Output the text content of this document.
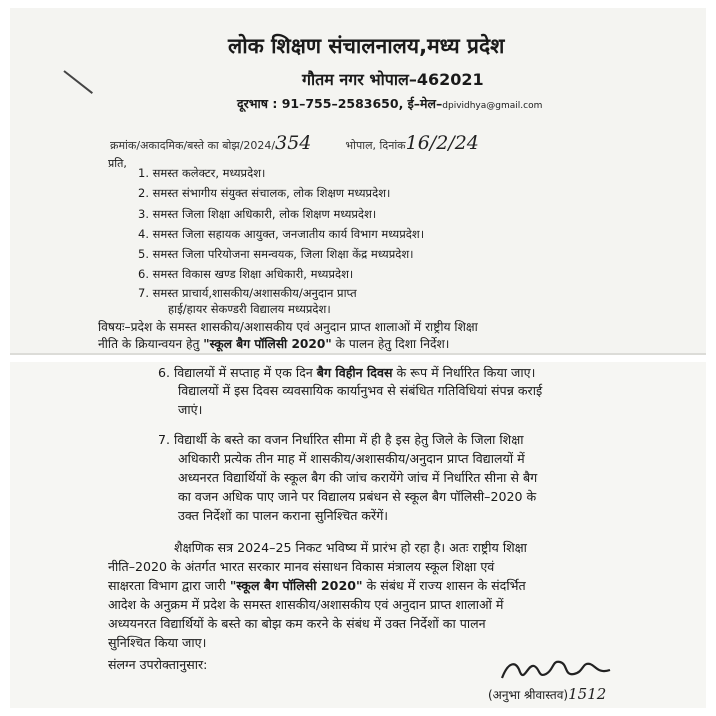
लोक शिक्षण संचालनालय,मध्य प्रदेश
गौतम नगर भोपाल–462021
दूरभाष : 91–755–2583650, ई–मेल–dpividhya@gmail.com
क्रमांक/अकादमिक/बस्ते का बोझ/2024/354	भोपाल, दिनांक16/2/24
प्रति,
1. समस्त कलेक्टर, मध्यप्रदेश।
2. समस्त संभागीय संयुक्त संचालक, लोक शिक्षण मध्यप्रदेश।
3. समस्त जिला शिक्षा अधिकारी, लोक शिक्षण मध्यप्रदेश।
4. समस्त जिला सहायक आयुक्त, जनजातीय कार्य विभाग मध्यप्रदेश।
5. समस्त जिला परियोजना समन्वयक, जिला शिक्षा केंद्र मध्यप्रदेश।
6. समस्त विकास खण्ड शिक्षा अधिकारी, मध्यप्रदेश।
7. समस्त प्राचार्य,शासकीय/अशासकीय/अनुदान प्राप्त
हाई/हायर सेकण्डरी विद्यालय मध्यप्रदेश।
विषयः–प्रदेश के समस्त शासकीय/अशासकीय एवं अनुदान प्राप्त शालाओं में राष्ट्रीय शिक्षा
नीति के क्रियान्वयन हेतु "स्कूल बैग पॉलिसी 2020" के पालन हेतु दिशा निर्देश।
6. विद्यालयों में सप्ताह में एक दिन बैग विहीन दिवस के रूप में निर्धारित किया जाए।
विद्यालयों में इस दिवस व्यवसायिक कार्यानुभव से संबंधित गतिविधियां संपन्न कराई
जाएं।
7. विद्यार्थी के बस्ते का वजन निर्धारित सीमा में ही है इस हेतु जिले के जिला शिक्षा
अधिकारी प्रत्येक तीन माह में शासकीय/अशासकीय/अनुदान प्राप्त विद्यालयों में
अध्यनरत विद्यार्थियों के स्कूल बैग की जांच करायेंगे जांच में निर्धारित सीना से बैग
का वजन अधिक पाए जाने पर विद्यालय प्रबंधन से स्कूल बैग पॉलिसी–2020 के
उक्त निर्देशों का पालन कराना सुनिश्चित करेंगें।
शैक्षणिक सत्र 2024–25 निकट भविष्य में प्रारंभ हो रहा है। अतः राष्ट्रीय शिक्षा
नीति–2020 के अंतर्गत भारत सरकार मानव संसाधन विकास मंत्रालय स्कूल शिक्षा एवं
साक्षरता विभाग द्वारा जारी "स्कूल बैग पॉलिसी 2020" के संबंध में राज्य शासन के संदर्भित
आदेश के अनुक्रम में प्रदेश के समस्त शासकीय/अशासकीय एवं अनुदान प्राप्त शालाओं में
अध्ययनरत विद्यार्थियों के बस्ते का बोझ कम करने के संबंध में उक्त निर्देशों का पालन
सुनिश्चित किया जाए।
संलग्न उपरोक्तानुसार:
(अनुभा श्रीवास्तव)1512
